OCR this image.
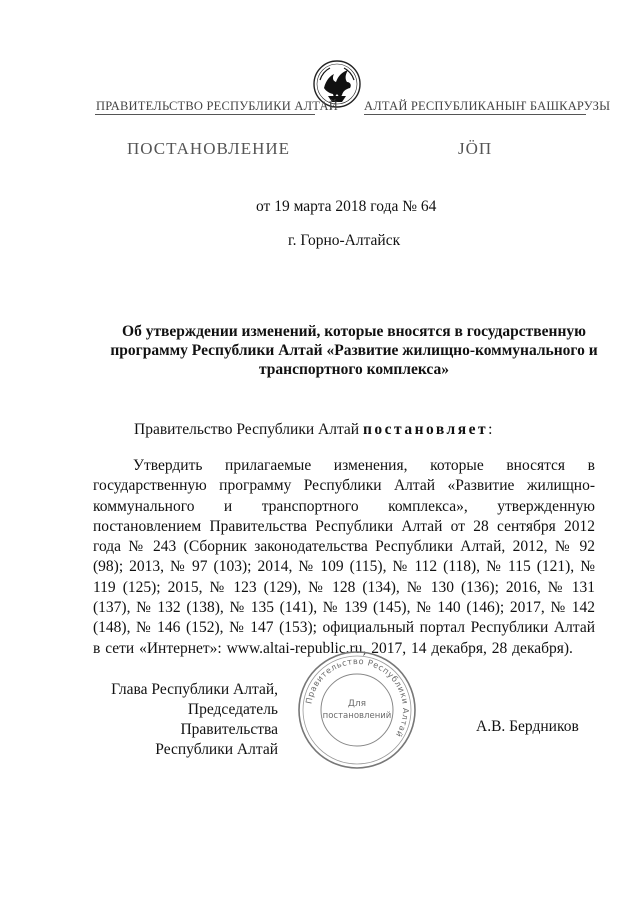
ПРАВИТЕЛЬСТВО РЕСПУБЛИКИ АЛТАЙ АЛТАЙ РЕСПУБЛИКАНЫҤ БАШКАРУЗЫ
ПОСТАНОВЛЕНИЕ	JÖП
от 19 марта 2018 года № 64
г. Горно-Алтайск
Об утверждении изменений, которые вносятся в государственную программу Республики Алтай «Развитие жилищно-коммунального и транспортного комплекса»
Правительство Республики Алтай постановляет:
Утвердить прилагаемые изменения, которые вносятся в государственную программу Республики Алтай «Развитие жилищно-коммунального и транспортного комплекса», утвержденную постановлением Правительства Республики Алтай от 28 сентября 2012 года № 243 (Сборник законодательства Республики Алтай, 2012, № 92 (98); 2013, № 97 (103); 2014, № 109 (115), № 112 (118), № 115 (121), № 119 (125); 2015, № 123 (129), № 128 (134), № 130 (136); 2016, № 131 (137), № 132 (138), № 135 (141), № 139 (145), № 140 (146); 2017, № 142 (148), № 146 (152), № 147 (153); официальный портал Республики Алтай в сети «Интернет»: www.altai-republic.ru, 2017, 14 декабря, 28 декабря).
Глава Республики Алтай,
Председатель Правительства
Республики Алтай
А.В. Бердников
Правительство Республики Алтай
Для
постановлений
